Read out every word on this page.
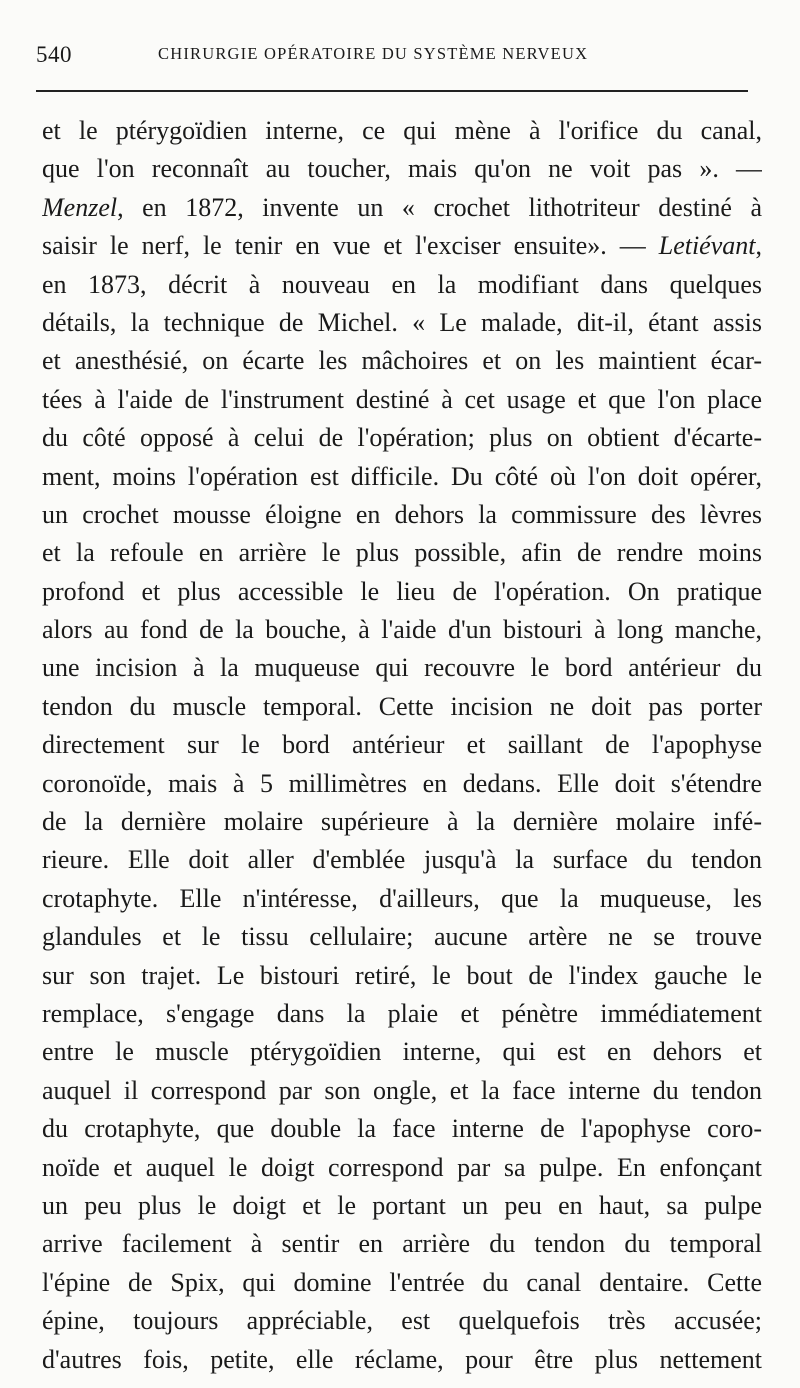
540	CHIRURGIE OPÉRATOIRE DU SYSTÈME NERVEUX
et le ptérygoïdien interne, ce qui mène à l'orifice du canal,
que l'on reconnaît au toucher, mais qu'on ne voit pas ». —
Menzel, en 1872, invente un « crochet lithotriteur destiné à
saisir le nerf, le tenir en vue et l'exciser ensuite». — Letiévant,
en 1873, décrit à nouveau en la modifiant dans quelques
détails, la technique de Michel. « Le malade, dit-il, étant assis
et anesthésié, on écarte les mâchoires et on les maintient écar-
tées à l'aide de l'instrument destiné à cet usage et que l'on place
du côté opposé à celui de l'opération; plus on obtient d'écarte-
ment, moins l'opération est difficile. Du côté où l'on doit opérer,
un crochet mousse éloigne en dehors la commissure des lèvres
et la refoule en arrière le plus possible, afin de rendre moins
profond et plus accessible le lieu de l'opération. On pratique
alors au fond de la bouche, à l'aide d'un bistouri à long manche,
une incision à la muqueuse qui recouvre le bord antérieur du
tendon du muscle temporal. Cette incision ne doit pas porter
directement sur le bord antérieur et saillant de l'apophyse
coronoïde, mais à 5 millimètres en dedans. Elle doit s'étendre
de la dernière molaire supérieure à la dernière molaire infé-
rieure. Elle doit aller d'emblée jusqu'à la surface du tendon
crotaphyte. Elle n'intéresse, d'ailleurs, que la muqueuse, les
glandules et le tissu cellulaire; aucune artère ne se trouve
sur son trajet. Le bistouri retiré, le bout de l'index gauche le
remplace, s'engage dans la plaie et pénètre immédiatement
entre le muscle ptérygoïdien interne, qui est en dehors et
auquel il correspond par son ongle, et la face interne du tendon
du crotaphyte, que double la face interne de l'apophyse coro-
noïde et auquel le doigt correspond par sa pulpe. En enfonçant
un peu plus le doigt et le portant un peu en haut, sa pulpe
arrive facilement à sentir en arrière du tendon du temporal
l'épine de Spix, qui domine l'entrée du canal dentaire. Cette
épine, toujours appréciable, est quelquefois très accusée;
d'autres fois, petite, elle réclame, pour être plus nettement
